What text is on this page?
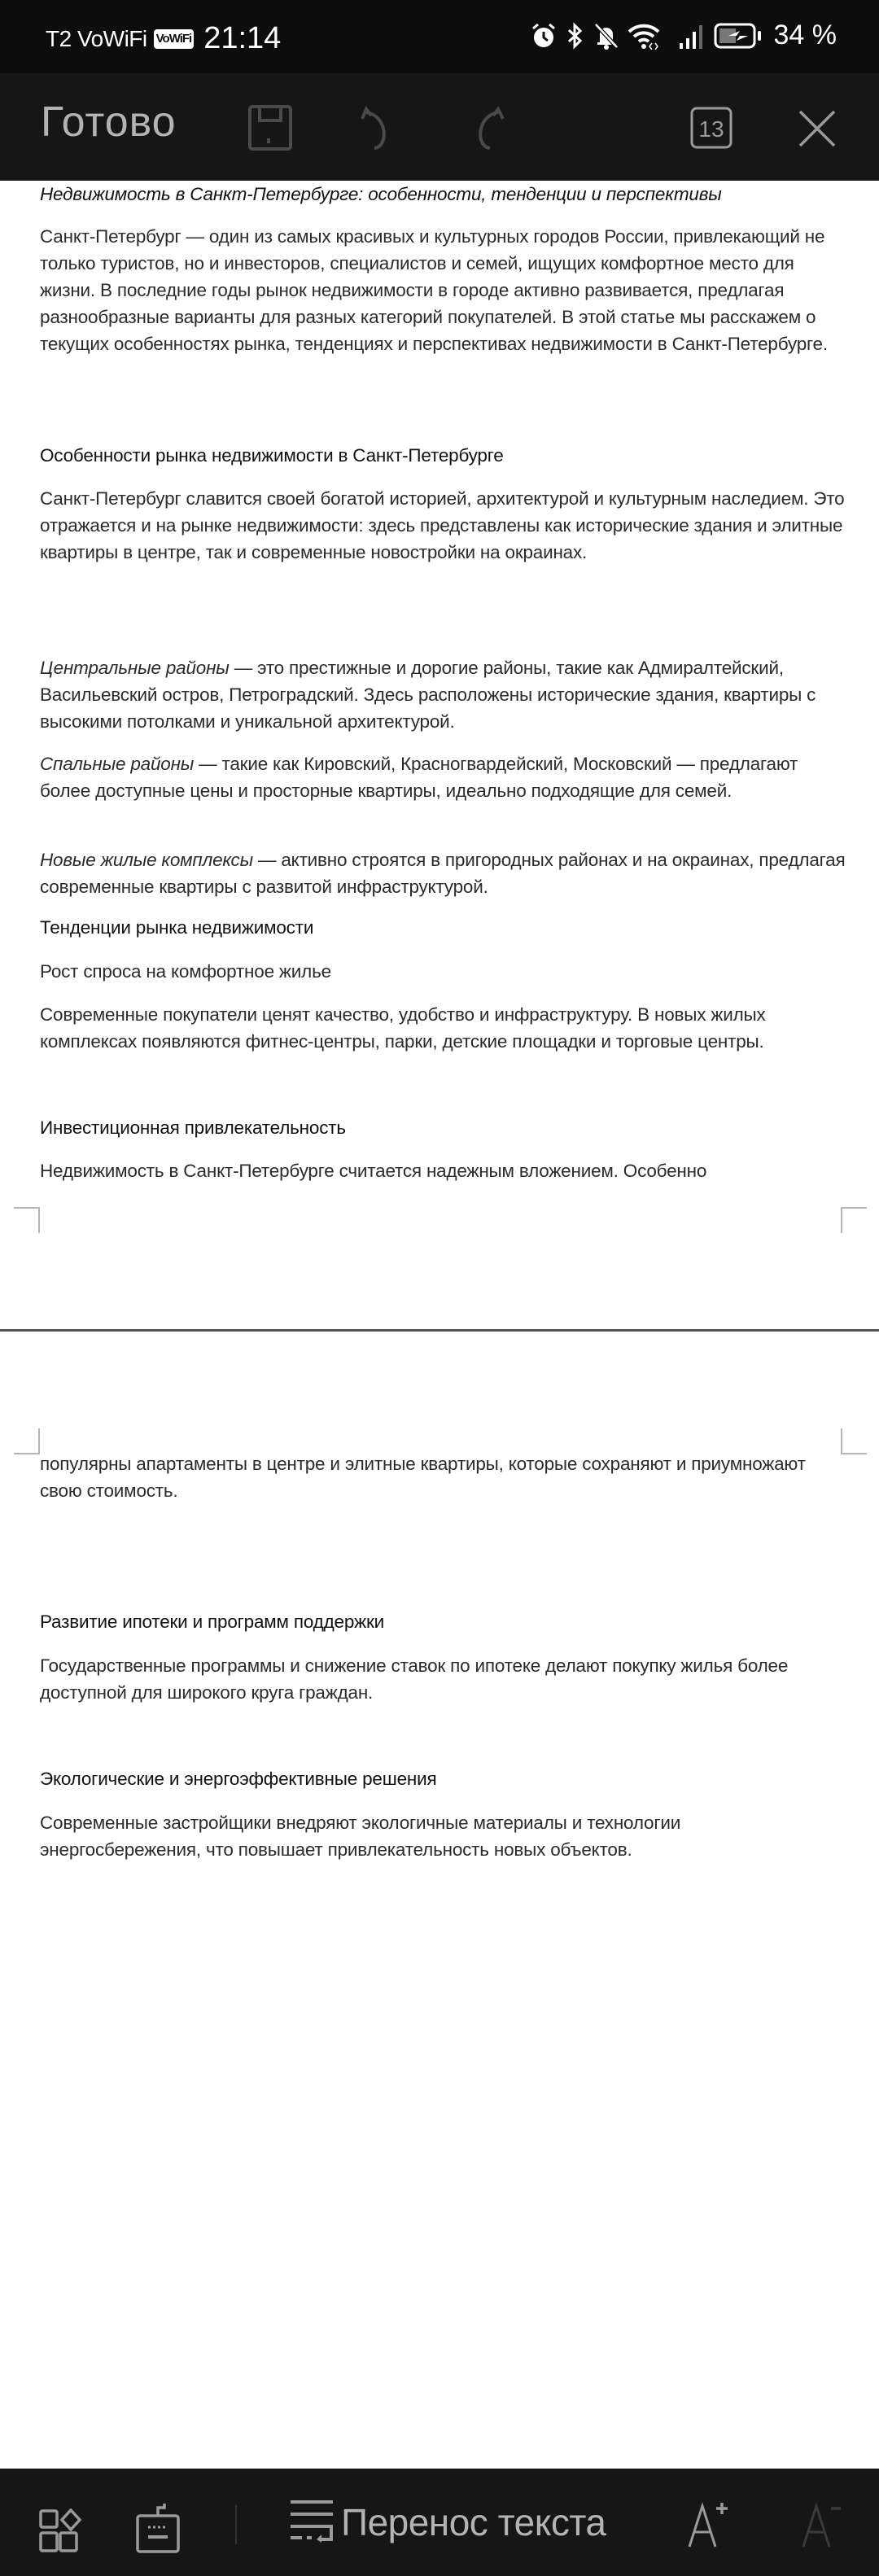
T2 VoWiFi VoWiFi 21:14	34 %
Готово	13
Недвижимость в Санкт-Петербурге: особенности, тенденции и перспективы
Санкт-Петербург — один из самых красивых и культурных городов России, привлекающий не только туристов, но и инвесторов, специалистов и семей, ищущих комфортное место для жизни. В последние годы рынок недвижимости в городе активно развивается, предлагая разнообразные варианты для разных категорий покупателей. В этой статье мы расскажем о текущих особенностях рынка, тенденциях и перспективах недвижимости в Санкт-Петербурге.
Особенности рынка недвижимости в Санкт-Петербурге
Санкт-Петербург славится своей богатой историей, архитектурой и культурным наследием. Это отражается и на рынке недвижимости: здесь представлены как исторические здания и элитные квартиры в центре, так и современные новостройки на окраинах.
Центральные районы — это престижные и дорогие районы, такие как Адмиралтейский, Васильевский остров, Петроградский. Здесь расположены исторические здания, квартиры с высокими потолками и уникальной архитектурой.
Спальные районы — такие как Кировский, Красногвардейский, Московский — предлагают более доступные цены и просторные квартиры, идеально подходящие для семей.
Новые жилые комплексы — активно строятся в пригородных районах и на окраинах, предлагая современные квартиры с развитой инфраструктурой.
Тенденции рынка недвижимости
Рост спроса на комфортное жилье
Современные покупатели ценят качество, удобство и инфраструктуру. В новых жилых комплексах появляются фитнес-центры, парки, детские площадки и торговые центры.
Инвестиционная привлекательность
Недвижимость в Санкт-Петербурге считается надежным вложением. Особенно
популярны апартаменты в центре и элитные квартиры, которые сохраняют и приумножают свою стоимость.
Развитие ипотеки и программ поддержки
Государственные программы и снижение ставок по ипотеке делают покупку жилья более доступной для широкого круга граждан.
Экологические и энергоэффективные решения
Современные застройщики внедряют экологичные материалы и технологии энергосбережения, что повышает привлекательность новых объектов.
Перенос текста
